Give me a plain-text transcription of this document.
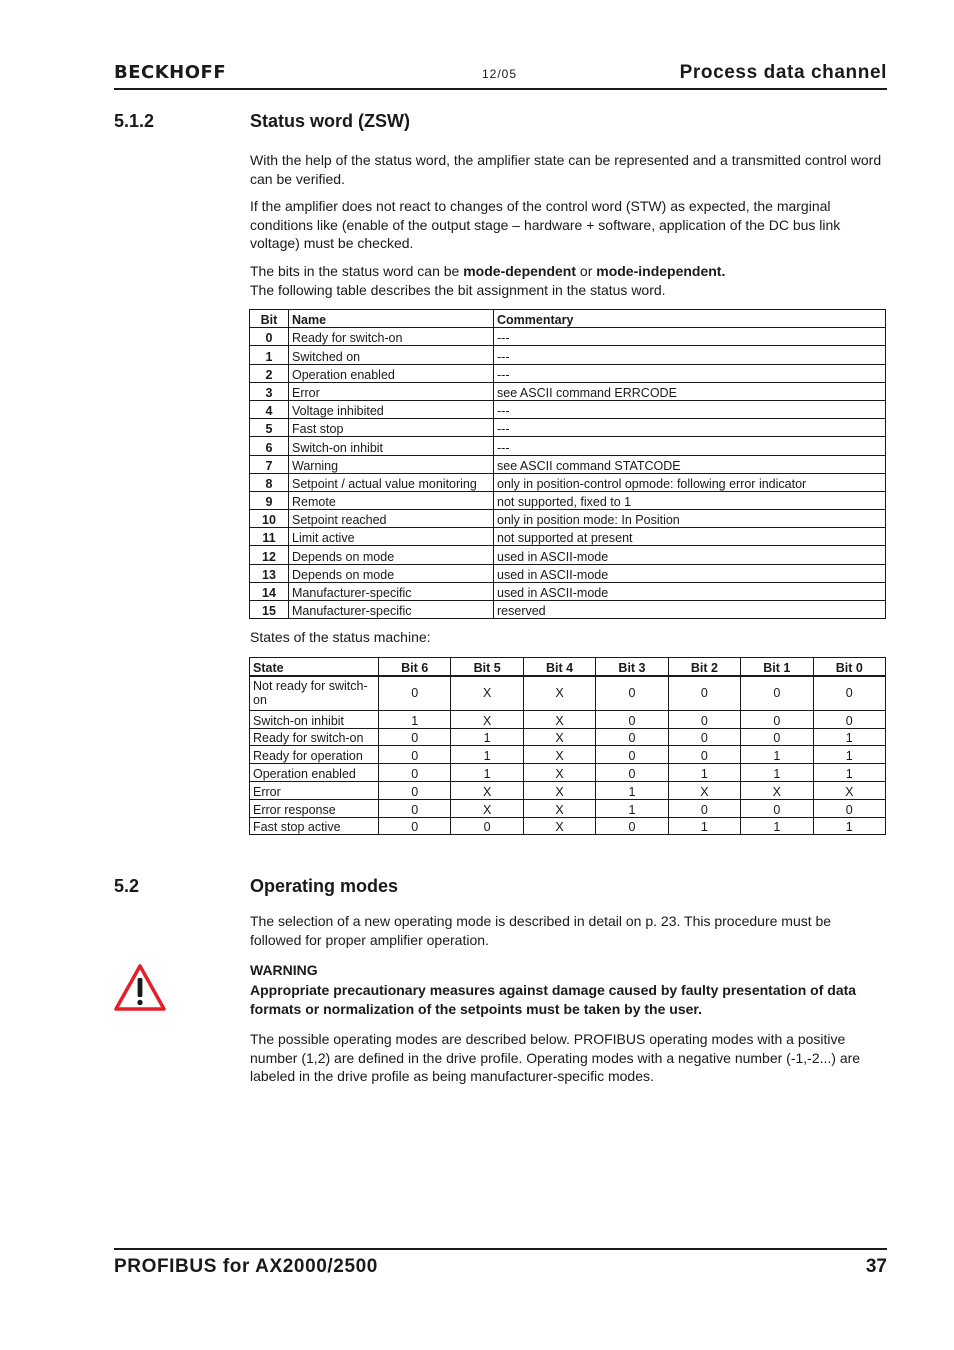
BECKHOFF	12/05	Process data channel
5.1.2	Status word (ZSW)

With the help of the status word, the amplifier state can be represented and a transmitted control word can be verified.

If the amplifier does not react to changes of the control word (STW) as expected, the marginal conditions like (enable of the output stage – hardware + software, application of the DC bus link voltage) must be checked.

The bits in the status word can be mode-dependent or mode-independent.

The following table describes the bit assignment in the status word.

Bit	Name	Commentary
0	Ready for switch-on	---
1	Switched on	---
2	Operation enabled	---
3	Error	see ASCII command ERRCODE
4	Voltage inhibited	---
5	Fast stop	---
6	Switch-on inhibit	---
7	Warning	see ASCII command STATCODE
8	Setpoint / actual value monitoring	only in position-control opmode: following error indicator
9	Remote	not supported, fixed to 1
10	Setpoint reached	only in position mode: In Position
11	Limit active	not supported at present
12	Depends on mode	used in ASCII-mode
13	Depends on mode	used in ASCII-mode
14	Manufacturer-specific	used in ASCII-mode
15	Manufacturer-specific	reserved

States of the status machine:

State	Bit 6	Bit 5	Bit 4	Bit 3	Bit 2	Bit 1	Bit 0
Not ready for switch-on	0	X	X	0	0	0	0
Switch-on inhibit	1	X	X	0	0	0	0
Ready for switch-on	0	1	X	0	0	0	1
Ready for operation	0	1	X	0	0	1	1
Operation enabled	0	1	X	0	1	1	1
Error	0	X	X	1	X	X	X
Error response	0	X	X	1	0	0	0
Fast stop active	0	0	X	0	1	1	1
5.2	Operating modes

The selection of a new operating mode is described in detail on p. 23. This procedure must be followed for proper amplifier operation.

WARNING
Appropriate precautionary measures against damage caused by faulty presentation of data formats or normalization of the setpoints must be taken by the user.

The possible operating modes are described below. PROFIBUS operating modes with a positive number (1,2) are defined in the drive profile. Operating modes with a negative number (-1,-2...) are labeled in the drive profile as being manufacturer-specific modes.

PROFIBUS for AX2000/2500	37
